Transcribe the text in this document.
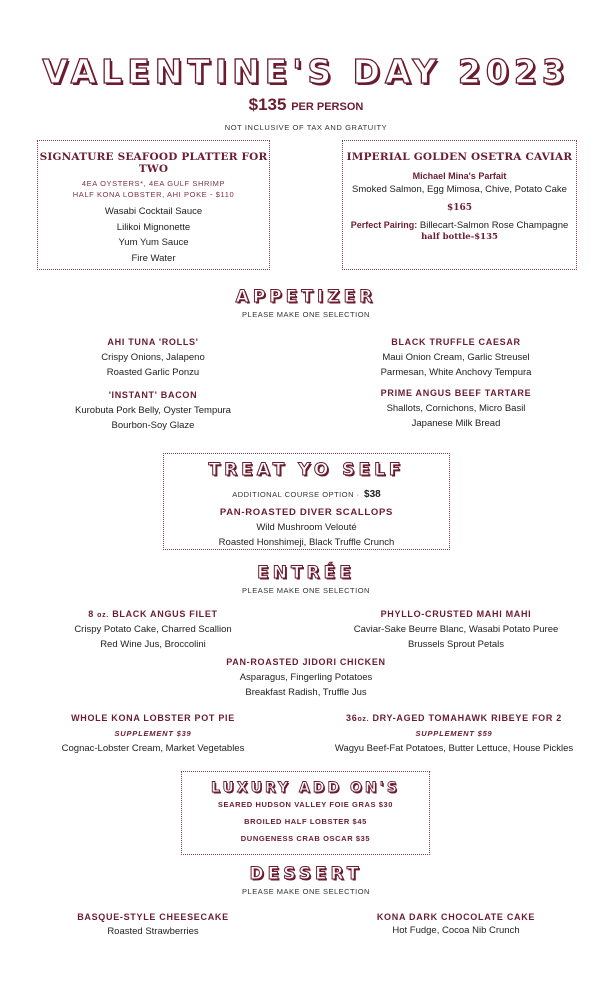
VALENTINE'S DAY 2023
$135 PER PERSON
NOT INCLUSIVE OF TAX AND GRATUITY
SIGNATURE SEAFOOD PLATTER FOR TWO
4EA OYSTERS*, 4EA GULF SHRIMP
HALF KONA LOBSTER, AHI POKE - $110
Wasabi Cocktail Sauce
Lilikoi Mignonette
Yum Yum Sauce
Fire Water
IMPERIAL GOLDEN OSETRA CAVIAR
Michael Mina's Parfait
Smoked Salmon, Egg Mimosa, Chive, Potato Cake
$165
Perfect Pairing: Billecart-Salmon Rose Champagne
half bottle-$135
APPETIZER
PLEASE MAKE ONE SELECTION
AHI TUNA 'ROLLS'
Crispy Onions, Jalapeno
Roasted Garlic Ponzu
'INSTANT' BACON
Kurobuta Pork Belly, Oyster Tempura
Bourbon-Soy Glaze
BLACK TRUFFLE CAESAR
Maui Onion Cream, Garlic Streusel
Parmesan, White Anchovy Tempura
PRIME ANGUS BEEF TARTARE
Shallots, Cornichons, Micro Basil
Japanese Milk Bread
TREAT YO SELF
ADDITIONAL COURSE OPTION · $38
PAN-ROASTED DIVER SCALLOPS
Wild Mushroom Velouté
Roasted Honshimeji, Black Truffle Crunch
ENTRÉE
PLEASE MAKE ONE SELECTION
8 oz. BLACK ANGUS FILET
Crispy Potato Cake, Charred Scallion
Red Wine Jus, Broccolini
PHYLLO-CRUSTED MAHI MAHI
Caviar-Sake Beurre Blanc, Wasabi Potato Puree
Brussels Sprout Petals
PAN-ROASTED JIDORI CHICKEN
Asparagus, Fingerling Potatoes
Breakfast Radish, Truffle Jus
WHOLE KONA LOBSTER POT PIE
SUPPLEMENT $39
Cognac-Lobster Cream, Market Vegetables
36oz. DRY-AGED TOMAHAWK RIBEYE FOR 2
SUPPLEMENT $59
Wagyu Beef-Fat Potatoes, Butter Lettuce, House Pickles
LUXURY ADD ON'S
SEARED HUDSON VALLEY FOIE GRAS $30
BROILED HALF LOBSTER $45
DUNGENESS CRAB OSCAR $35
DESSERT
PLEASE MAKE ONE SELECTION
BASQUE-STYLE CHEESECAKE
Roasted Strawberries
KONA DARK CHOCOLATE CAKE
Hot Fudge, Cocoa Nib Crunch
